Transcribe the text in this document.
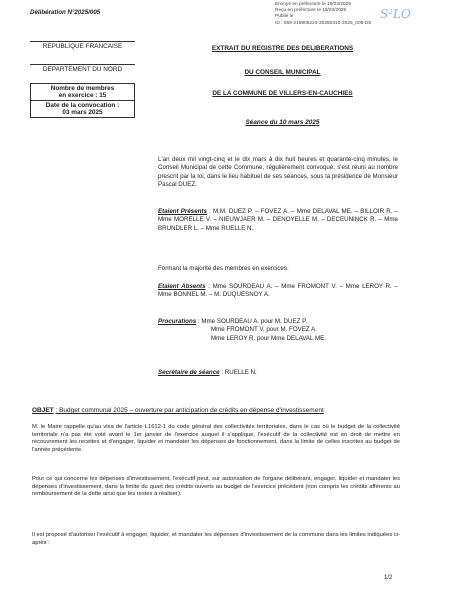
Délibération N°2025/005
Envoyé en préfecture le 18/03/2025
Reçu en préfecture le 18/03/2025
Publié le
ID : 059-215906223-20250310-2025_005-DE
S²LO
REPUBLIQUE FRANCAISE
DEPARTEMENT DU NORD
Nombre de membres
en exercice : 15
Date de la convocation :
03 mars 2025
EXTRAIT DU REGISTRE DES DELIBERATIONS
DU CONSEIL MUNICIPAL
DE LA COMMUNE DE VILLERS-EN-CAUCHIES
Séance du 10 mars 2025

L'an deux mil vingt-cinq et le dix mars à dix huit heures et quarante-cinq minutes, le Conseil Municipal de cette Commune, régulièrement convoqué, s'est réuni au nombre prescrit par la loi, dans le lieu habituel de ses séances, sous la présidence de Monsieur Pascal DUEZ.

Etaient Présents : M.M. DUEZ P. – FOVEZ A. – Mme DELAVAL ME. – BILLOIR R. – Mme MORELLE V. – NIEUWJAER M. – DENOYELLE M. – DECEUNINCK R. – Mme BRUNDLER L. – Mme RUELLE N.

Formant la majorité des membres en exercices.

Etaient Absents : Mme SOURDEAU A. – Mme FROMONT V. – Mme LEROY R. – Mme BONNEL M. – M. DUQUESNOY A.

Procurations : Mme SOURDEAU A. pour M. DUEZ P.
Mme FROMONT V. pour M. FOVEZ A.
Mme LEROY R. pour Mme DELAVAL ME.

Secrétaire de séance : RUELLE N.

OBJET : Budget communal 2025 – ouverture par anticipation de crédits en dépense d'investissement

M. le Maire rappelle qu'au visa de l'article L1612-1 du code général des collectivités territoriales, dans le cas où le budget de la collectivité territoriale n'a pas été voté avant le 1er janvier de l'exercice auquel il s'applique, l'exécutif de la collectivité est en droit de mettre en recouvrement les recettes et d'engager, liquider et mandater les dépenses de fonctionnement, dans la limite de celles inscrites au budget de l'année précédente.

Pour ce qui concerne les dépenses d'investissement, l'exécutif peut, sur autorisation de l'organe délibérant, engager, liquider et mandater les dépenses d'investissement, dans la limite du quart des crédits ouverts au budget de l'exercice précédent (non compris les crédits afférents au remboursement de la dette ainsi que les restes à réaliser).

Il est proposé d'autoriser l'exécutif à engager, liquider, et mandater les dépenses d'investissement de la commune dans les limites indiquées ci-après :

1/2
